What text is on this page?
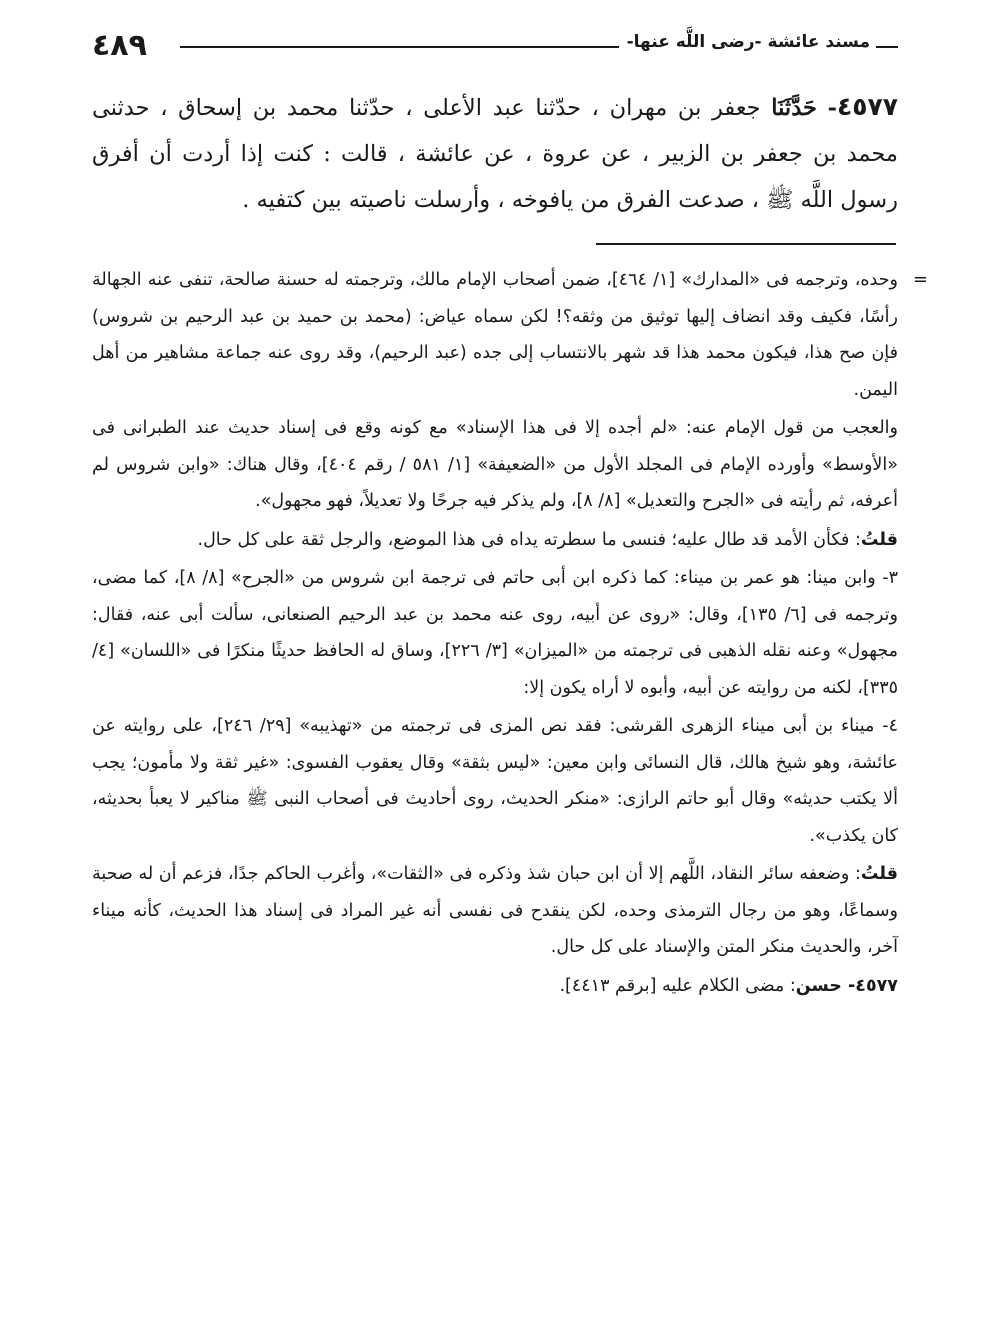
٤٨٩	مسند عائشة -رضى اللَّه عنها-
٤٥٧٧- حَدَّثَنَا جعفر بن مهران ، حدّثنا عبد الأعلى ، حدّثنا محمد بن إسحاق ، حدثنى محمد بن جعفر بن الزبير ، عن عروة ، عن عائشة ، قالت : كنت إذا أردت أن أفرق رسول اللَّه ﷺ ، صدعت الفرق من يافوخه ، وأرسلت ناصيته بين كتفيه .

=
وحده، وترجمه فى «المدارك» [١/ ٤٦٤]، ضمن أصحاب الإمام مالك، وترجمته له حسنة صالحة، تنفى عنه الجهالة رأسًا، فكيف وقد انضاف إليها توثيق من وثقه؟! لكن سماه عياض: (محمد بن حميد بن عبد الرحيم بن شروس) فإن صح هذا، فيكون محمد هذا قد شهر بالانتساب إلى جده (عبد الرحيم)، وقد روى عنه جماعة مشاهير من أهل اليمن.

والعجب من قول الإمام عنه: «لم أجده إلا فى هذا الإسناد» مع كونه وقع فى إسناد حديث عند الطبرانى فى «الأوسط» وأورده الإمام فى المجلد الأول من «الضعيفة» [١/ ٥٨١ / رقم ٤٠٤]، وقال هناك: «وابن شروس لم أعرفه، ثم رأيته فى «الجرح والتعديل» [٨/ ٨]، ولم يذكر فيه جرحًا ولا تعديلاً، فهو مجهول».

قلتُ: فكأن الأمد قد طال عليه؛ فنسى ما سطرته يداه فى هذا الموضع، والرجل ثقة على كل حال.

٣- وابن مينا: هو عمر بن ميناء: كما ذكره ابن أبى حاتم فى ترجمة ابن شروس من «الجرح» [٨/ ٨]، كما مضى، وترجمه فى [٦/ ١٣٥]، وقال: «روى عن أبيه، روى عنه محمد بن عبد الرحيم الصنعانى، سألت أبى عنه، فقال: مجهول» وعنه نقله الذهبى فى ترجمته من «الميزان» [٣/ ٢٢٦]، وساق له الحافظ حديثًا منكرًا فى «اللسان» [٤/ ٣٣٥]، لكنه من روايته عن أبيه، وأبوه لا أراه يكون إلا:

٤- ميناء بن أبى ميناء الزهرى القرشى: فقد نص المزى فى ترجمته من «تهذيبه» [٢٩/ ٢٤٦]، على روايته عن عائشة، وهو شيخ هالك، قال النسائى وابن معين: «ليس بثقة» وقال يعقوب الفسوى: «غير ثقة ولا مأمون؛ يجب ألا يكتب حديثه» وقال أبو حاتم الرازى: «منكر الحديث، روى أحاديث فى أصحاب النبى ﷺ مناكير لا يعبأ بحديثه، كان يكذب».

قلتُ: وضعفه سائر النقاد، اللَّهم إلا أن ابن حبان شذ وذكره فى «الثقات»، وأغرب الحاكم جدًا، فزعم أن له صحبة وسماعًا، وهو من رجال الترمذى وحده، لكن ينقدح فى نفسى أنه غير المراد فى إسناد هذا الحديث، كأنه ميناء آخر، والحديث منكر المتن والإسناد على كل حال.

٤٥٧٧- حسن: مضى الكلام عليه [برقم ٤٤١٣].
